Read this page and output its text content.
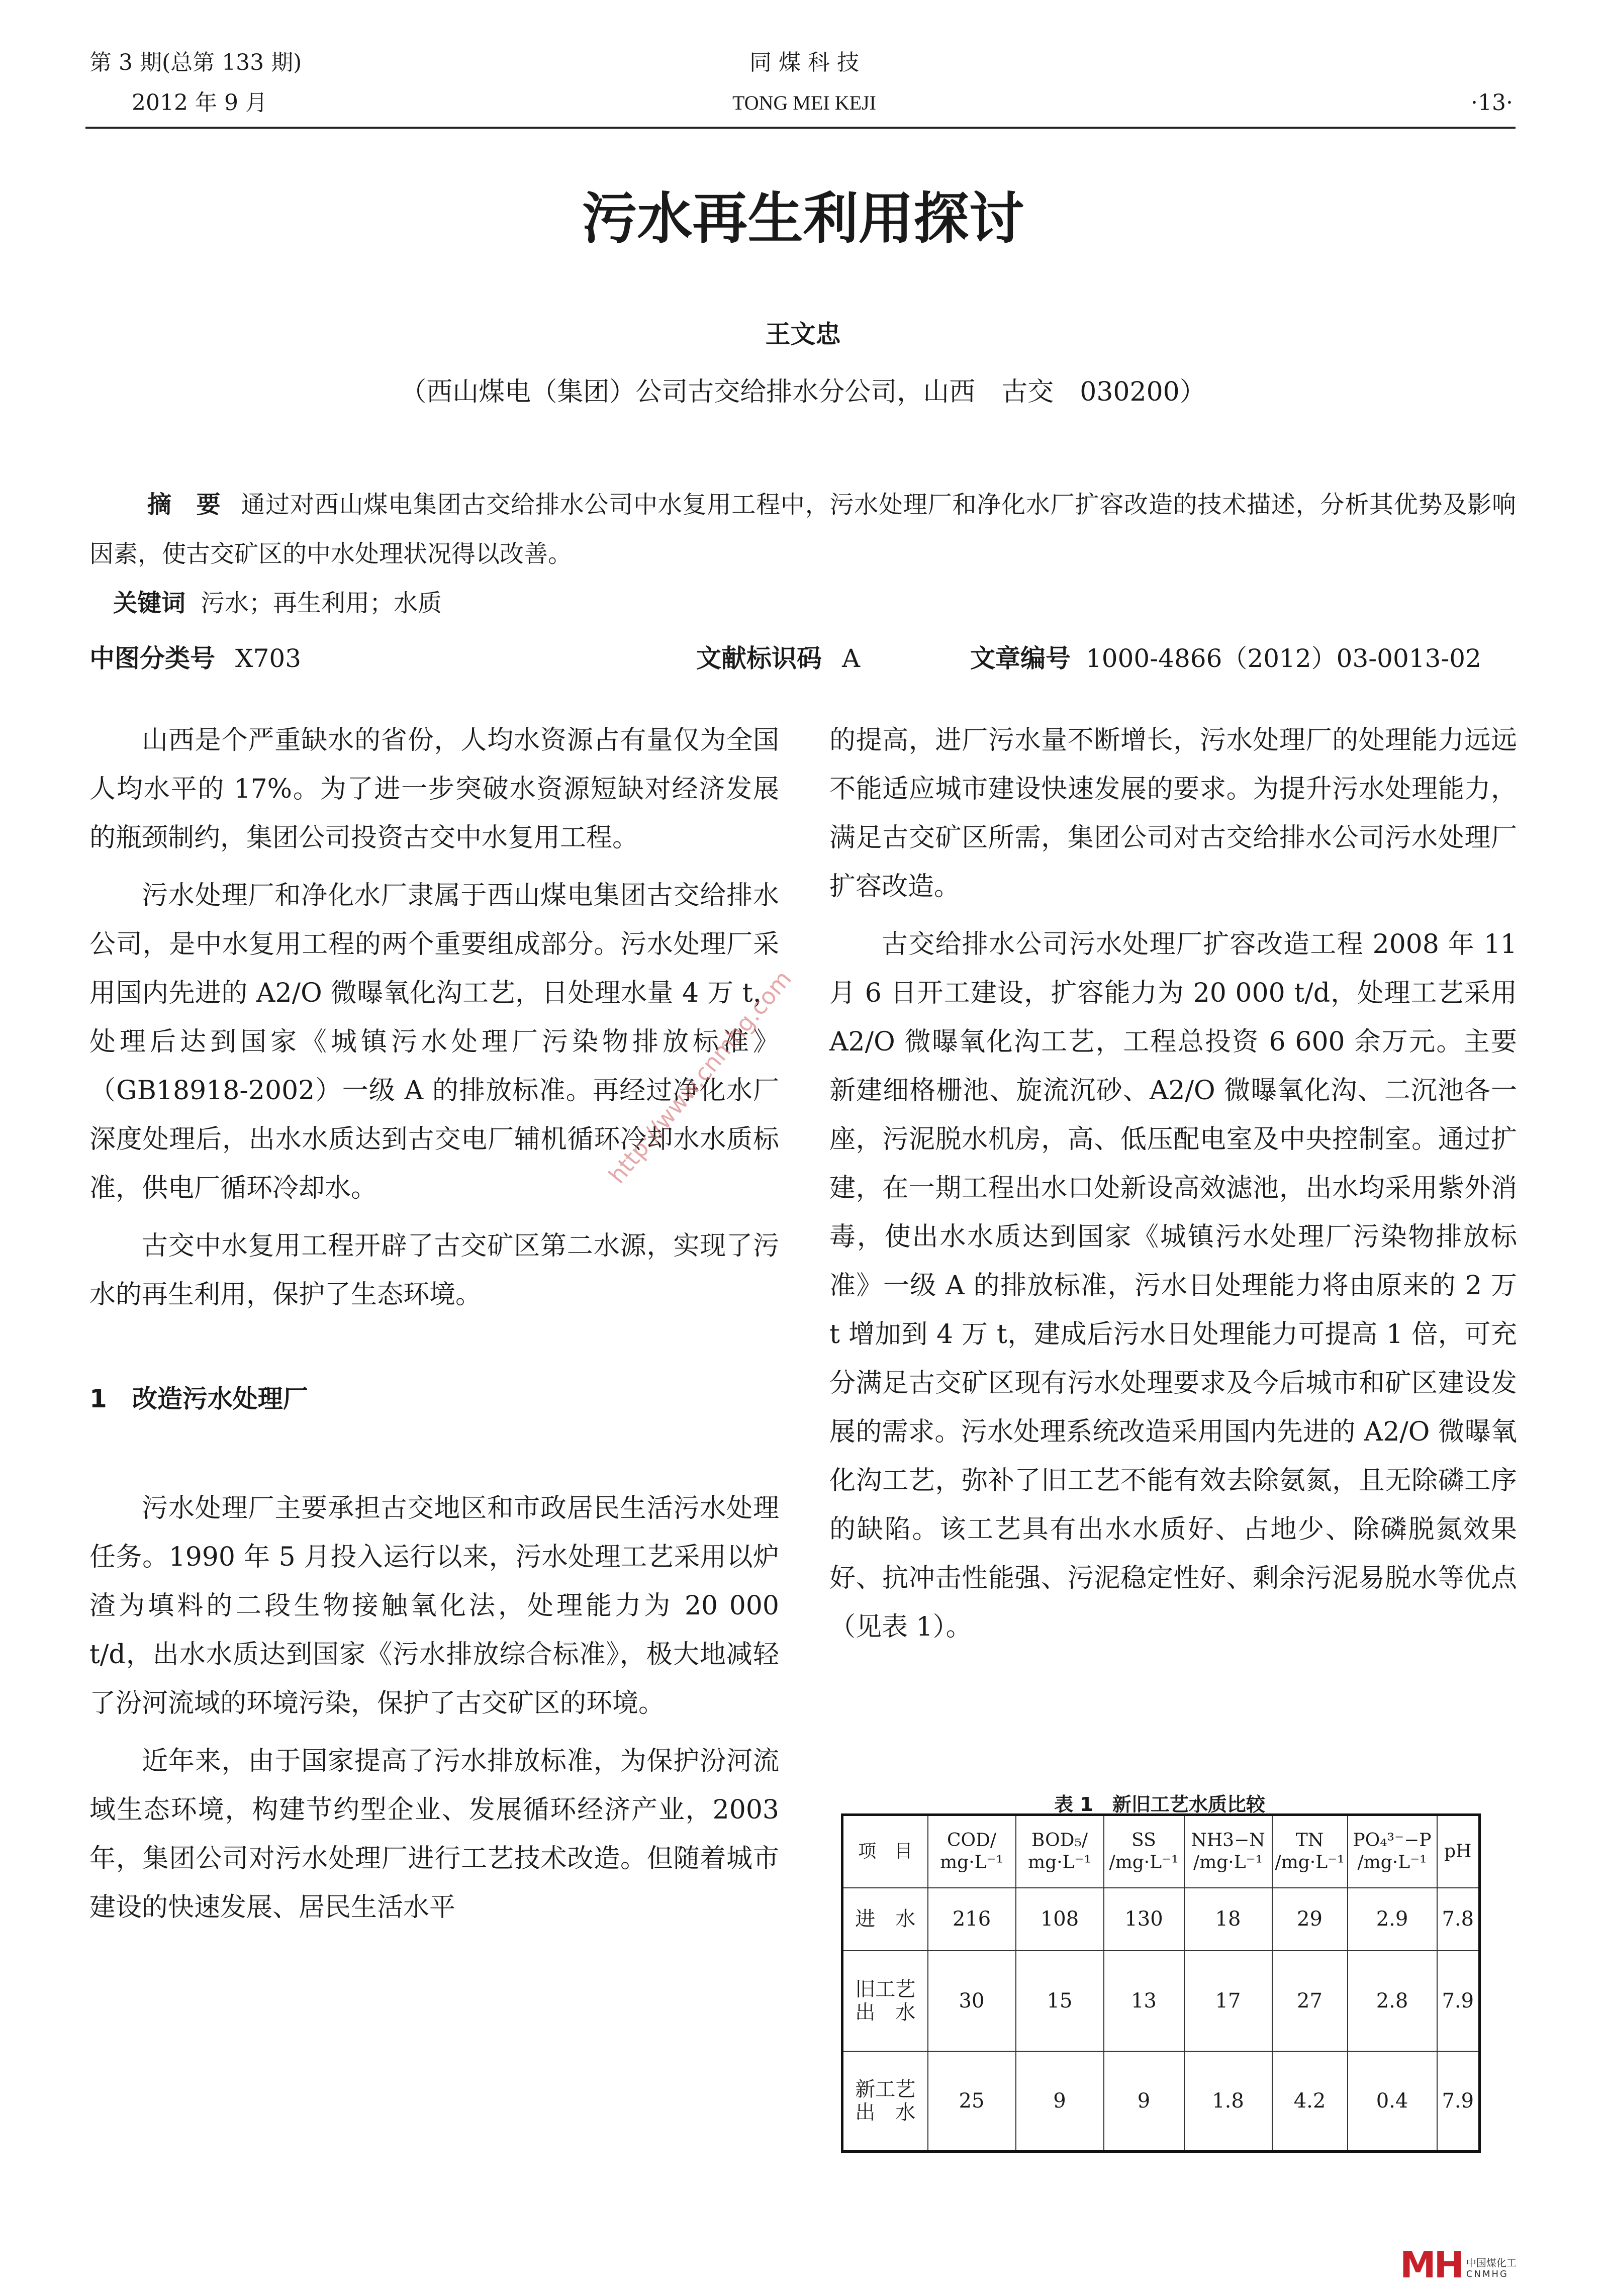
第 3 期(总第 133 期)
2012 年 9 月
同 煤 科 技
TONG MEI KEJI	·13·
污水再生利用探讨
王文忠
（西山煤电（集团）公司古交给排水分公司，山西　古交　030200）
摘　要 通过对西山煤电集团古交给排水公司中水复用工程中，污水处理厂和净化水厂扩容改造的技术描述，分析其优势及影响因素，使古交矿区的中水处理状况得以改善。
关键词 污水；再生利用；水质
中图分类号 X703	文献标识码 A	文章编号 1000-4866（2012）03-0013-02

山西是个严重缺水的省份，人均水资源占有量仅为全国人均水平的 17%。为了进一步突破水资源短缺对经济发展的瓶颈制约，集团公司投资古交中水复用工程。

污水处理厂和净化水厂隶属于西山煤电集团古交给排水公司，是中水复用工程的两个重要组成部分。污水处理厂采用国内先进的 A2/O 微曝氧化沟工艺，日处理水量 4 万 t，处理后达到国家《城镇污水处理厂污染物排放标准》（GB18918-2002）一级 A 的排放标准。再经过净化水厂深度处理后，出水水质达到古交电厂辅机循环冷却水水质标准，供电厂循环冷却水。

古交中水复用工程开辟了古交矿区第二水源，实现了污水的再生利用，保护了生态环境。

1　改造污水处理厂

污水处理厂主要承担古交地区和市政居民生活污水处理任务。1990 年 5 月投入运行以来，污水处理工艺采用以炉渣为填料的二段生物接触氧化法，处理能力为 20 000 t/d，出水水质达到国家《污水排放综合标准》，极大地减轻了汾河流域的环境污染，保护了古交矿区的环境。

近年来，由于国家提高了污水排放标准，为保护汾河流域生态环境，构建节约型企业、发展循环经济产业，2003 年，集团公司对污水处理厂进行工艺技术改造。但随着城市建设的快速发展、居民生活水平

的提高，进厂污水量不断增长，污水处理厂的处理能力远远不能适应城市建设快速发展的要求。为提升污水处理能力，满足古交矿区所需，集团公司对古交给排水公司污水处理厂扩容改造。

古交给排水公司污水处理厂扩容改造工程 2008 年 11 月 6 日开工建设，扩容能力为 20 000 t/d，处理工艺采用 A2/O 微曝氧化沟工艺，工程总投资 6 600 余万元。主要新建细格栅池、旋流沉砂、A2/O 微曝氧化沟、二沉池各一座，污泥脱水机房，高、低压配电室及中央控制室。通过扩建，在一期工程出水口处新设高效滤池，出水均采用紫外消毒，使出水水质达到国家《城镇污水处理厂污染物排放标准》一级 A 的排放标准，污水日处理能力将由原来的 2 万 t 增加到 4 万 t，建成后污水日处理能力可提高 1 倍，可充分满足古交矿区现有污水处理要求及今后城市和矿区建设发展的需求。污水处理系统改造采用国内先进的 A2/O 微曝氧化沟工艺，弥补了旧工艺不能有效去除氨氮，且无除磷工序的缺陷。该工艺具有出水水质好、占地少、除磷脱氮效果好、抗冲击性能强、污泥稳定性好、剩余污泥易脱水等优点（见表 1）。

表 1　新旧工艺水质比较
项　目	COD/ mg·L⁻¹	BOD₅/ mg·L⁻¹	SS /mg·L⁻¹	NH3−N /mg·L⁻¹	TN /mg·L⁻¹	PO₄³⁻−P /mg·L⁻¹	pH
进　水	216	108	130	18	29	2.9	7.8
旧工艺 出　水	30	15	13	17	27	2.8	7.9
新工艺 出　水	25	9	9	1.8	4.2	0.4	7.9
http://www.cnmhg.com
MH 中国煤化工
CNMHG
